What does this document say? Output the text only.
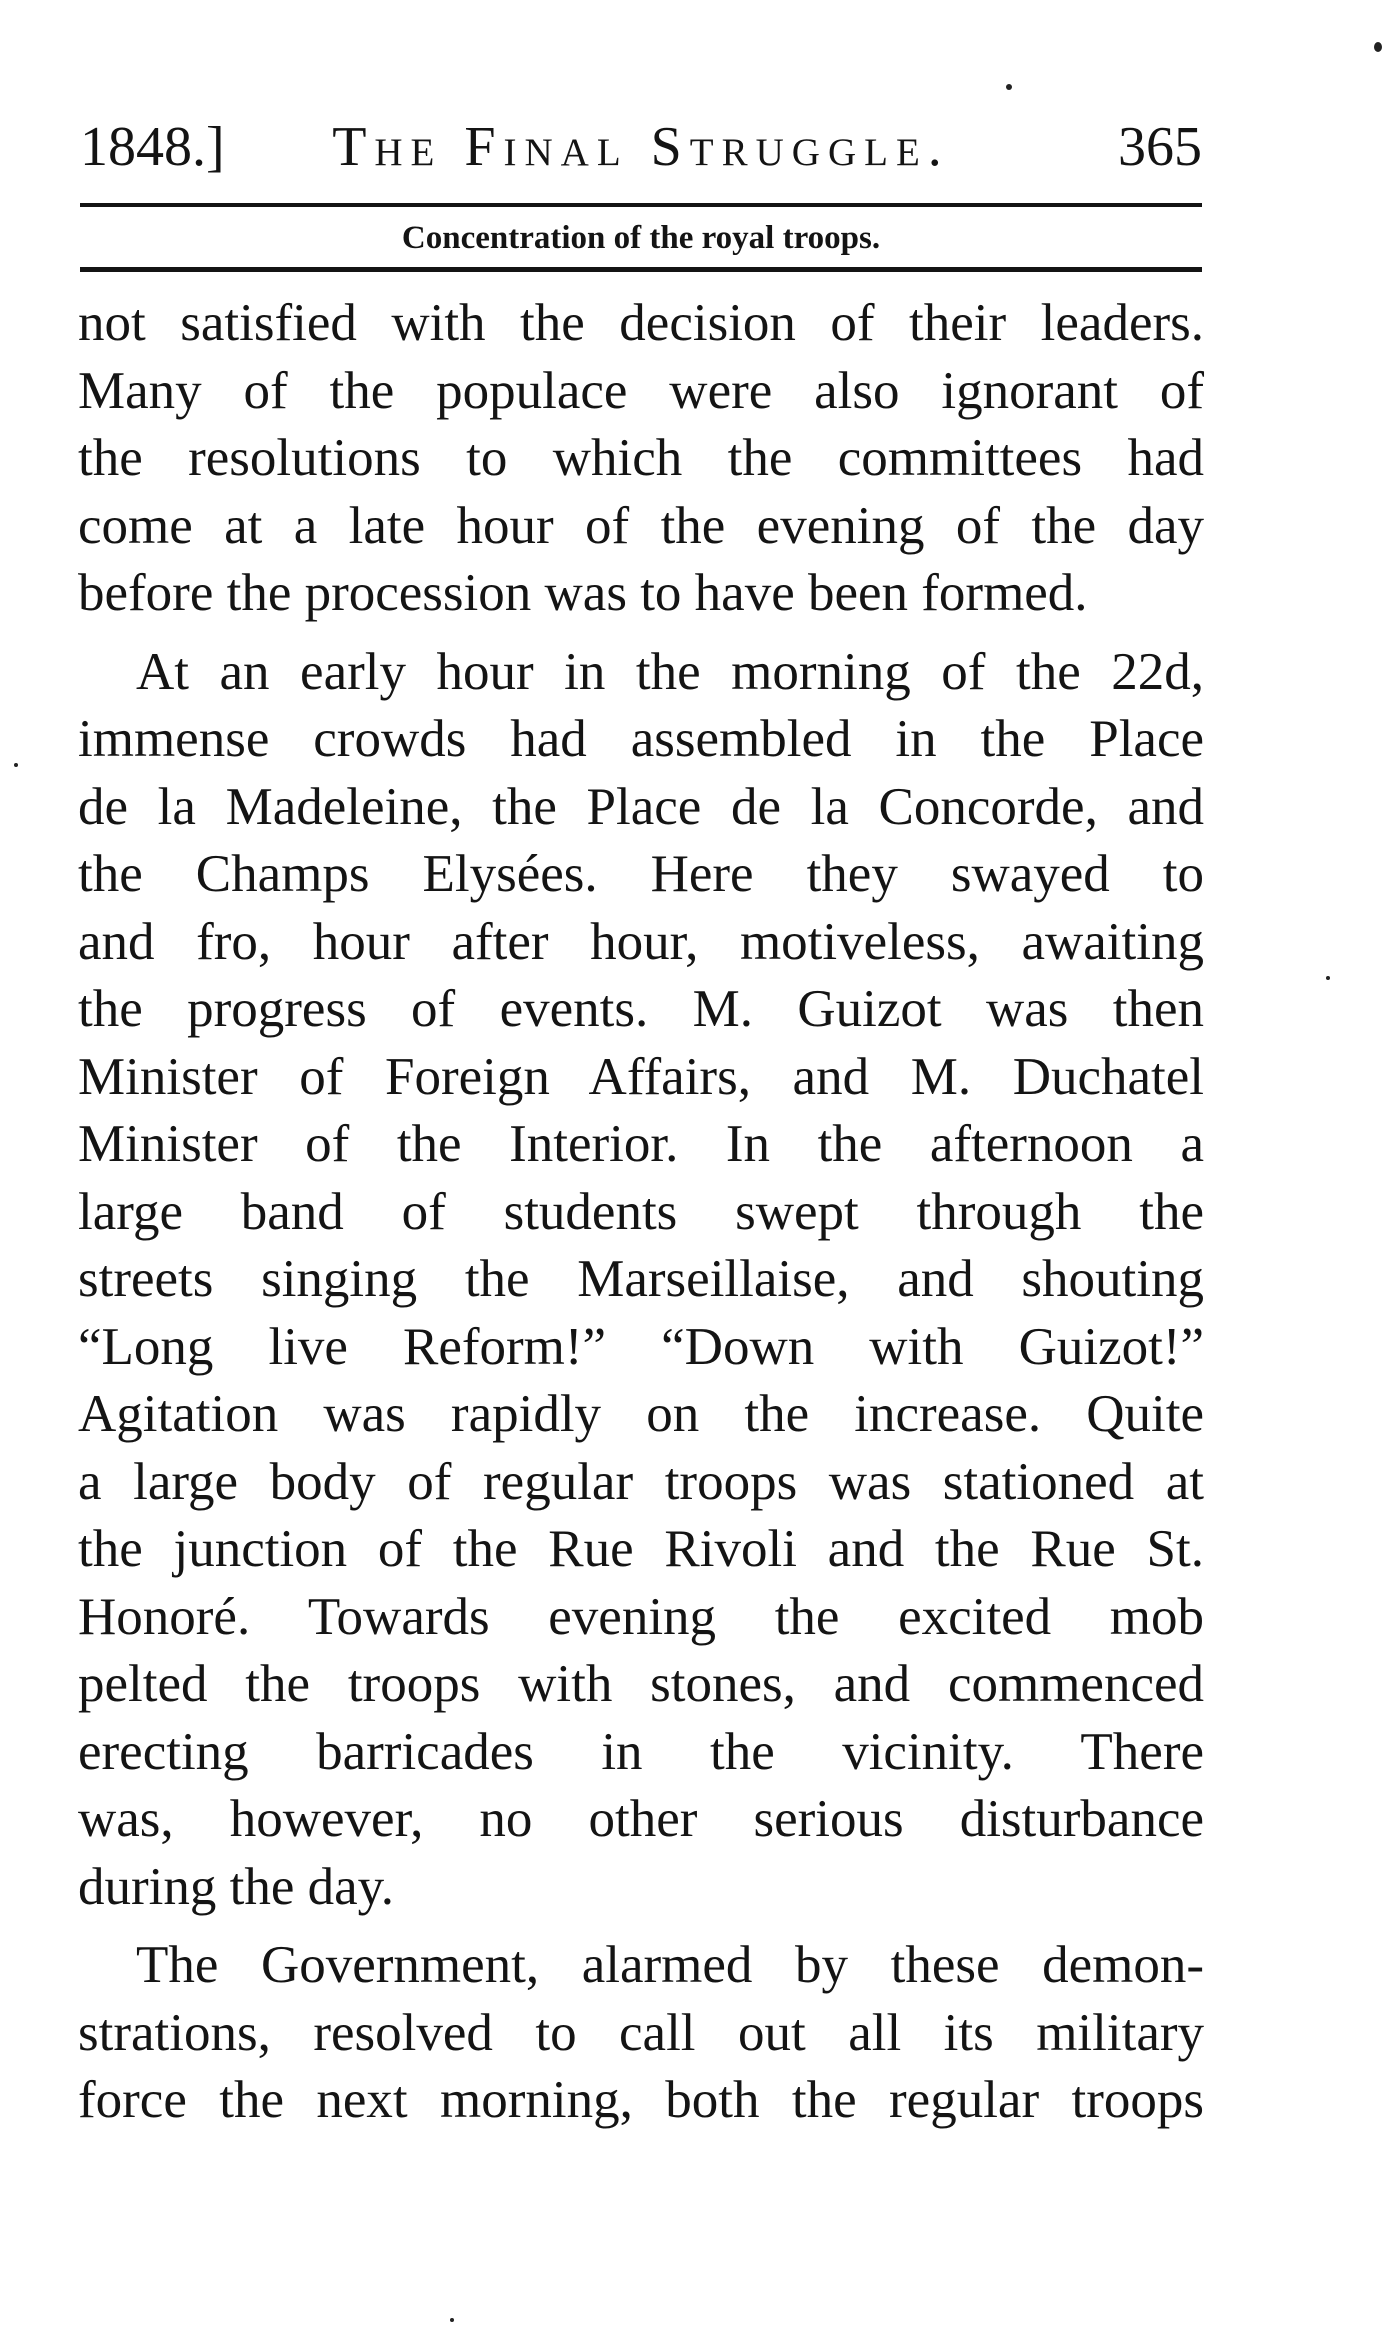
1848.]	The Final Struggle.	365
Concentration of the royal troops.
not satisfied with the decision of their leaders.
Many of the populace were also ignorant of
the resolutions to which the committees had
come at a late hour of the evening of the day
before the procession was to have been formed.
At an early hour in the morning of the 22d,
immense crowds had assembled in the Place
de la Madeleine, the Place de la Concorde, and
the Champs Elysées. Here they swayed to
and fro, hour after hour, motiveless, awaiting
the progress of events. M. Guizot was then
Minister of Foreign Affairs, and M. Duchatel
Minister of the Interior. In the afternoon a
large band of students swept through the
streets singing the Marseillaise, and shouting
“Long live Reform!” “Down with Guizot!”
Agitation was rapidly on the increase. Quite
a large body of regular troops was stationed at
the junction of the Rue Rivoli and the Rue St.
Honoré. Towards evening the excited mob
pelted the troops with stones, and commenced
erecting barricades in the vicinity. There
was, however, no other serious disturbance
during the day.
The Government, alarmed by these demon-
strations, resolved to call out all its military
force the next morning, both the regular troops
